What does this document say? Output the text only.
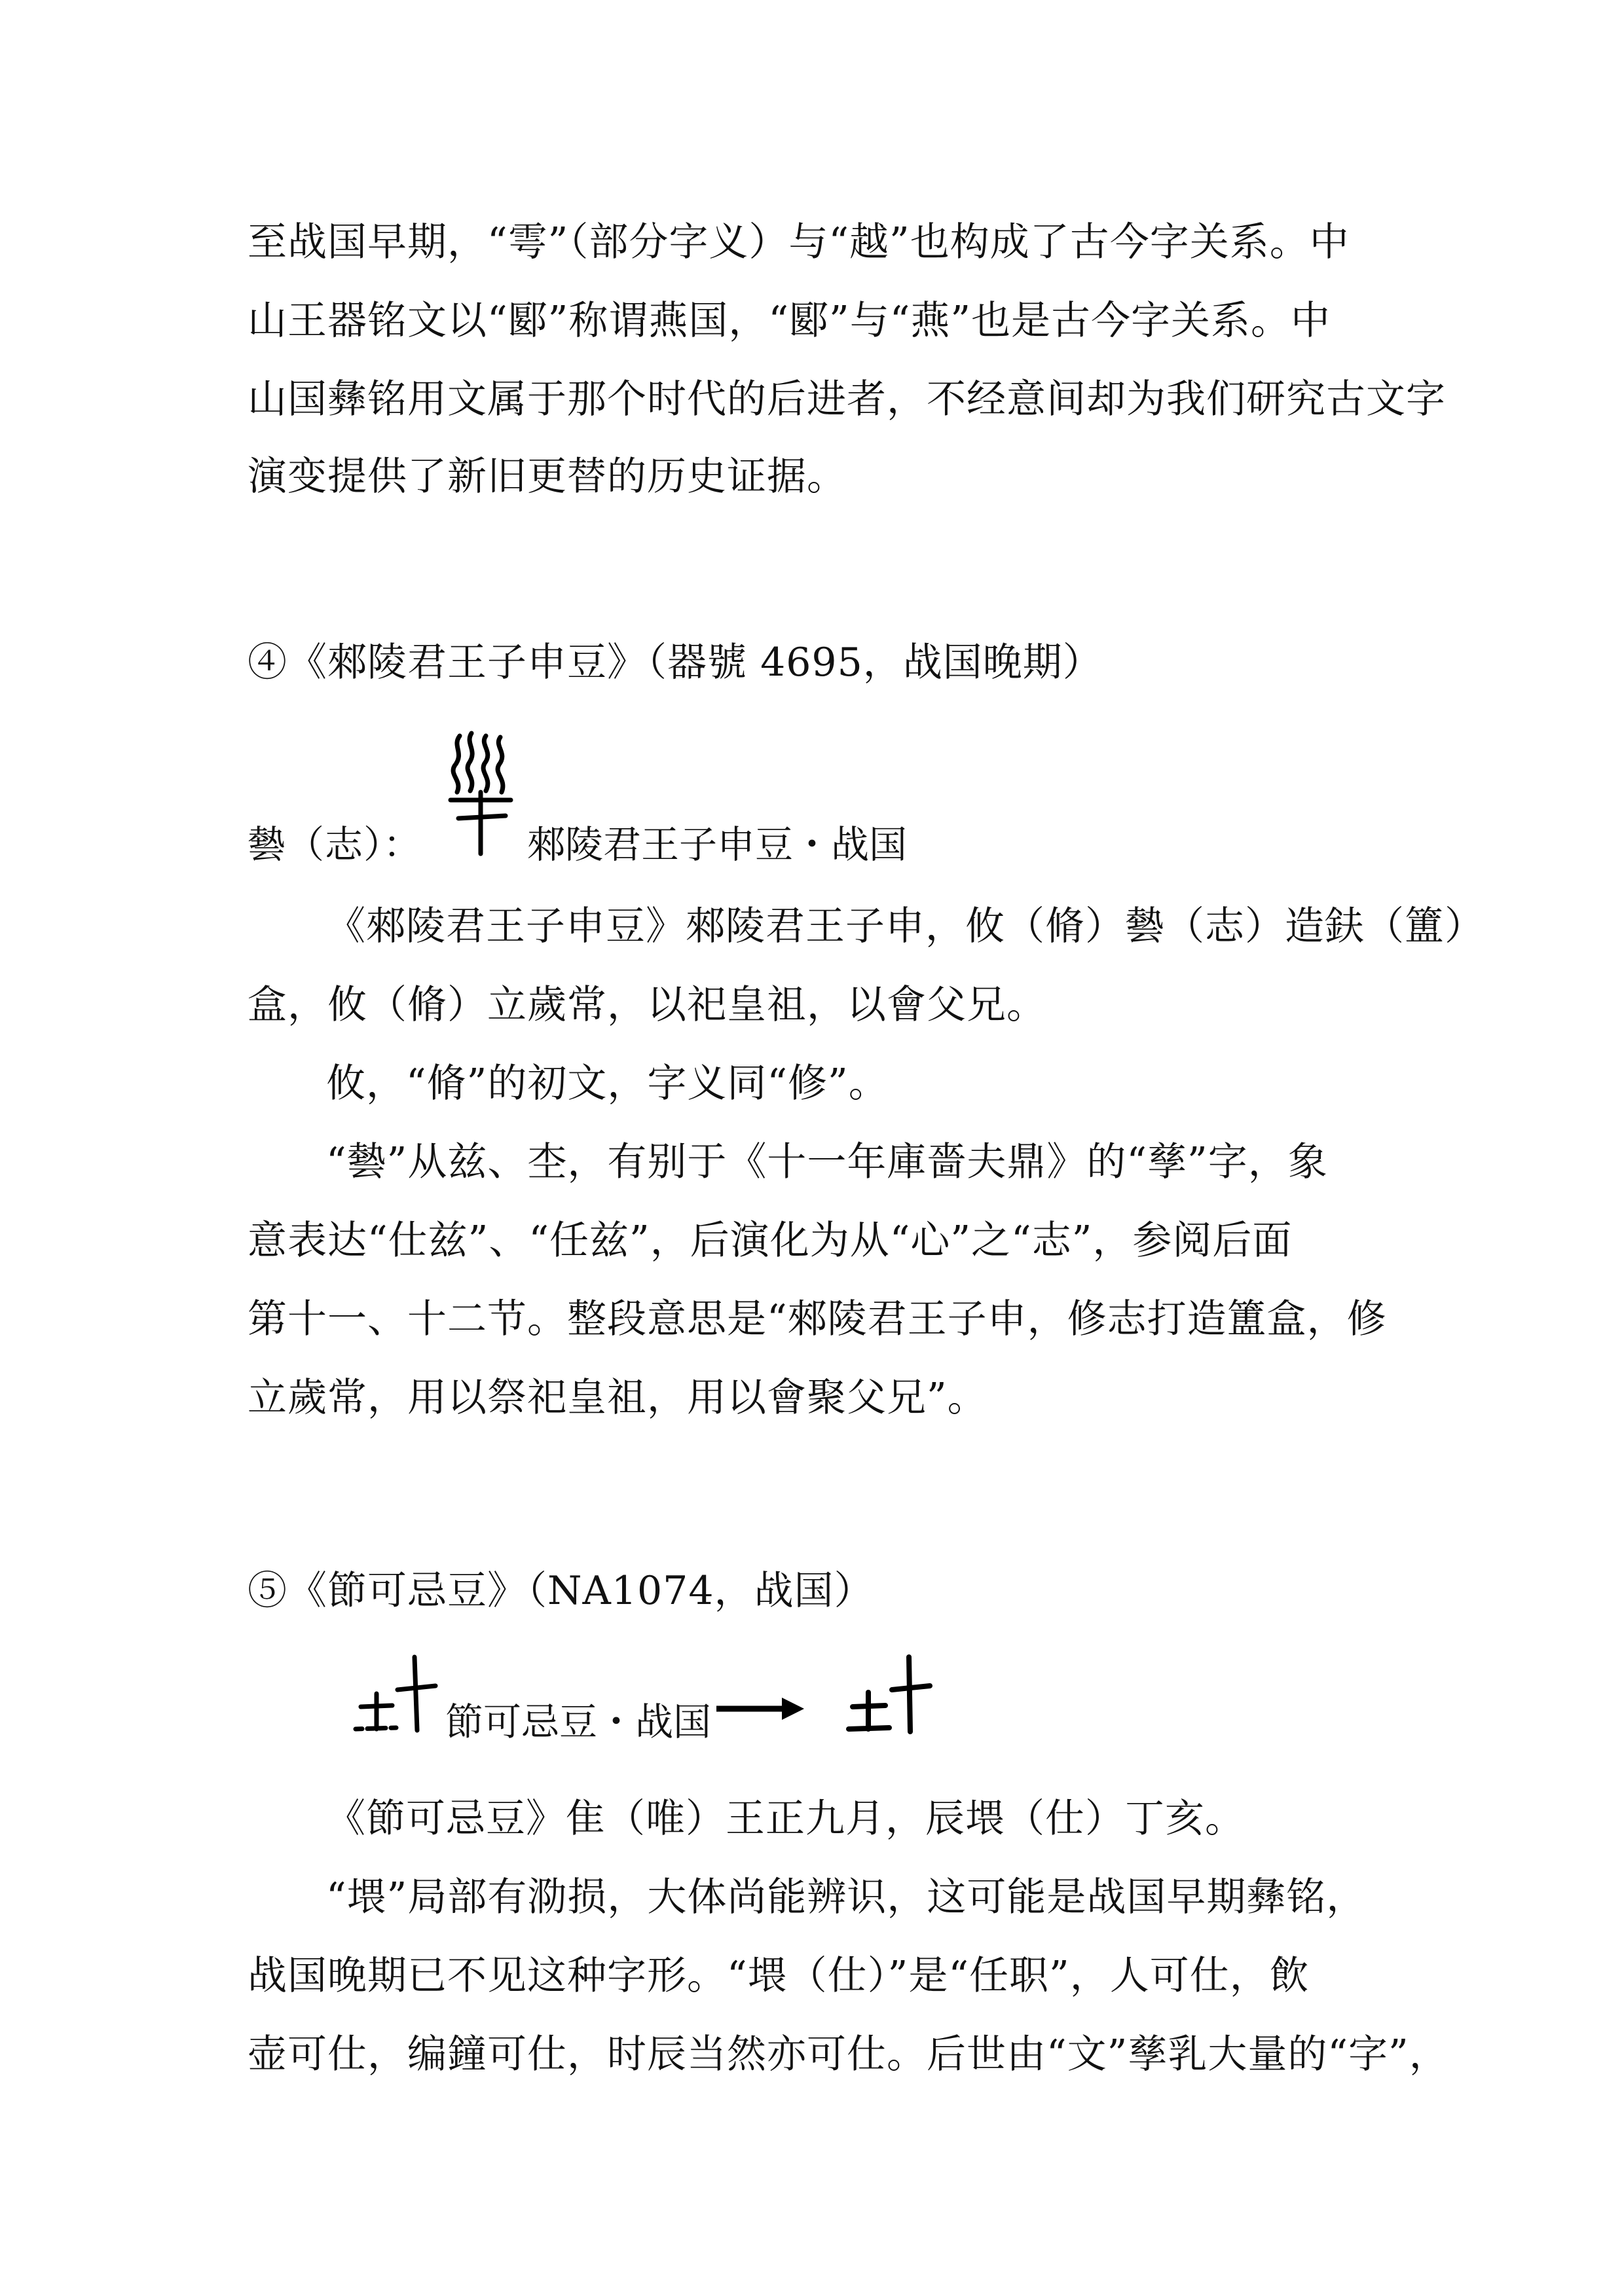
至战国早期，“雩”（部分字义）与“越”也构成了古今字关系。中
山王器铭文以“郾”称谓燕国，“郾”与“燕”也是古今字关系。中
山国彝铭用文属于那个时代的后进者，不经意间却为我们研究古文字
演变提供了新旧更替的历史证据。
④《郲陵君王子申豆》（器號 4695，战国晚期）
㙯（志）：	郲陵君王子申豆・战国
《郲陵君王子申豆》郲陵君王子申，攸（脩）㙯（志）造鈇（簠）
盒，攸（脩）立歲常，以祀皇祖，以會父兄。
攸，“脩”的初文，字义同“修”。
“㙯”从兹、杢，有别于《十一年庫嗇夫鼎》的“孳”字，象
意表达“仕兹”、“任兹”，后演化为从“心”之“志”，参阅后面
第十一、十二节。整段意思是“郲陵君王子申，修志打造簠盒，修
立歲常，用以祭祀皇祖，用以會聚父兄”。
⑤《節可忌豆》（NA1074，战国）
節可忌豆・战国
《節可忌豆》隹（唯）王正九月，辰㙗（仕）丁亥。
“㙗”局部有泐损，大体尚能辨识，这可能是战国早期彝铭，
战国晚期已不见这种字形。“㙗（仕）”是“任职”，人可仕，飲
壶可仕，编鐘可仕，时辰当然亦可仕。后世由“文”孳乳大量的“字”，
